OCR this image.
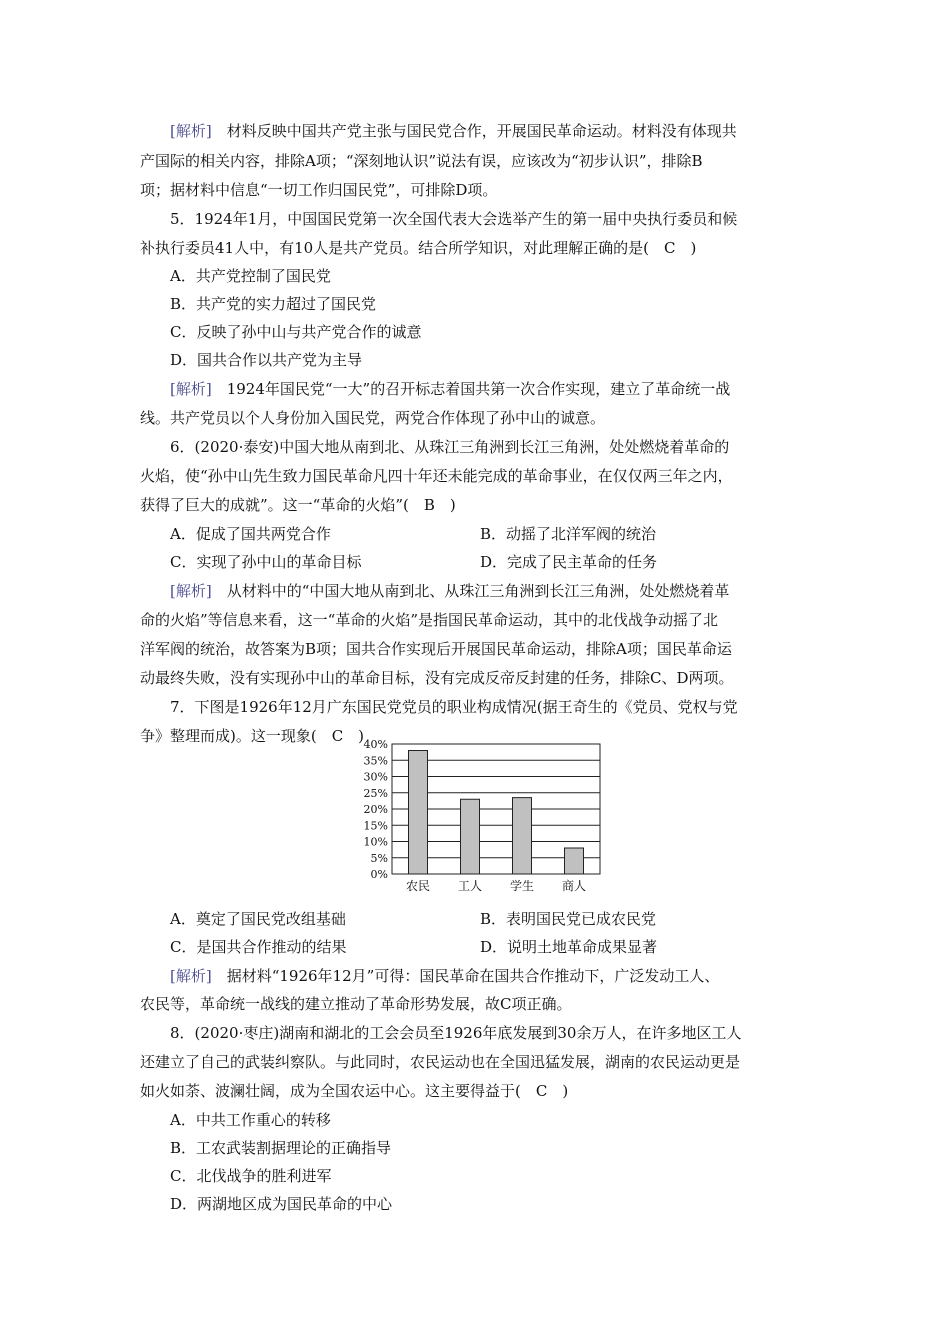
[解析]　材料反映中国共产党主张与国民党合作，开展国民革命运动。材料没有体现共
产国际的相关内容，排除A项；“深刻地认识”说法有误，应该改为“初步认识”，排除B
项；据材料中信息“一切工作归国民党”，可排除D项。
5．1924年1月，中国国民党第一次全国代表大会选举产生的第一届中央执行委员和候
补执行委员41人中，有10人是共产党员。结合所学知识，对此理解正确的是(　C　)
A．共产党控制了国民党
B．共产党的实力超过了国民党
C．反映了孙中山与共产党合作的诚意
D．国共合作以共产党为主导
[解析]　1924年国民党“一大”的召开标志着国共第一次合作实现，建立了革命统一战
线。共产党员以个人身份加入国民党，两党合作体现了孙中山的诚意。
6．(2020·泰安)中国大地从南到北、从珠江三角洲到长江三角洲，处处燃烧着革命的
火焰，使“孙中山先生致力国民革命凡四十年还未能完成的革命事业，在仅仅两三年之内，
获得了巨大的成就”。这一“革命的火焰”(　B　)
A．促成了国共两党合作	B．动摇了北洋军阀的统治
C．实现了孙中山的革命目标	D．完成了民主革命的任务
[解析]　从材料中的“中国大地从南到北、从珠江三角洲到长江三角洲，处处燃烧着革
命的火焰”等信息来看，这一“革命的火焰”是指国民革命运动，其中的北伐战争动摇了北
洋军阀的统治，故答案为B项；国共合作实现后开展国民革命运动，排除A项；国民革命运
动最终失败，没有实现孙中山的革命目标，没有完成反帝反封建的任务，排除C、D两项。
7．下图是1926年12月广东国民党党员的职业构成情况(据王奇生的《党员、党权与党
争》整理而成)。这一现象(　C　)
0%
5%
10%
15%
20%
25%
30%
35%
40%
农民 工人 学生 商人
A．奠定了国民党改组基础	B．表明国民党已成农民党
C．是国共合作推动的结果	D．说明土地革命成果显著
[解析]　据材料“1926年12月”可得：国民革命在国共合作推动下，广泛发动工人、
农民等，革命统一战线的建立推动了革命形势发展，故C项正确。
8．(2020·枣庄)湖南和湖北的工会会员至1926年底发展到30余万人，在许多地区工人
还建立了自己的武装纠察队。与此同时，农民运动也在全国迅猛发展，湖南的农民运动更是
如火如荼、波澜壮阔，成为全国农运中心。这主要得益于(　C　)
A．中共工作重心的转移
B．工农武装割据理论的正确指导
C．北伐战争的胜利进军
D．两湖地区成为国民革命的中心
